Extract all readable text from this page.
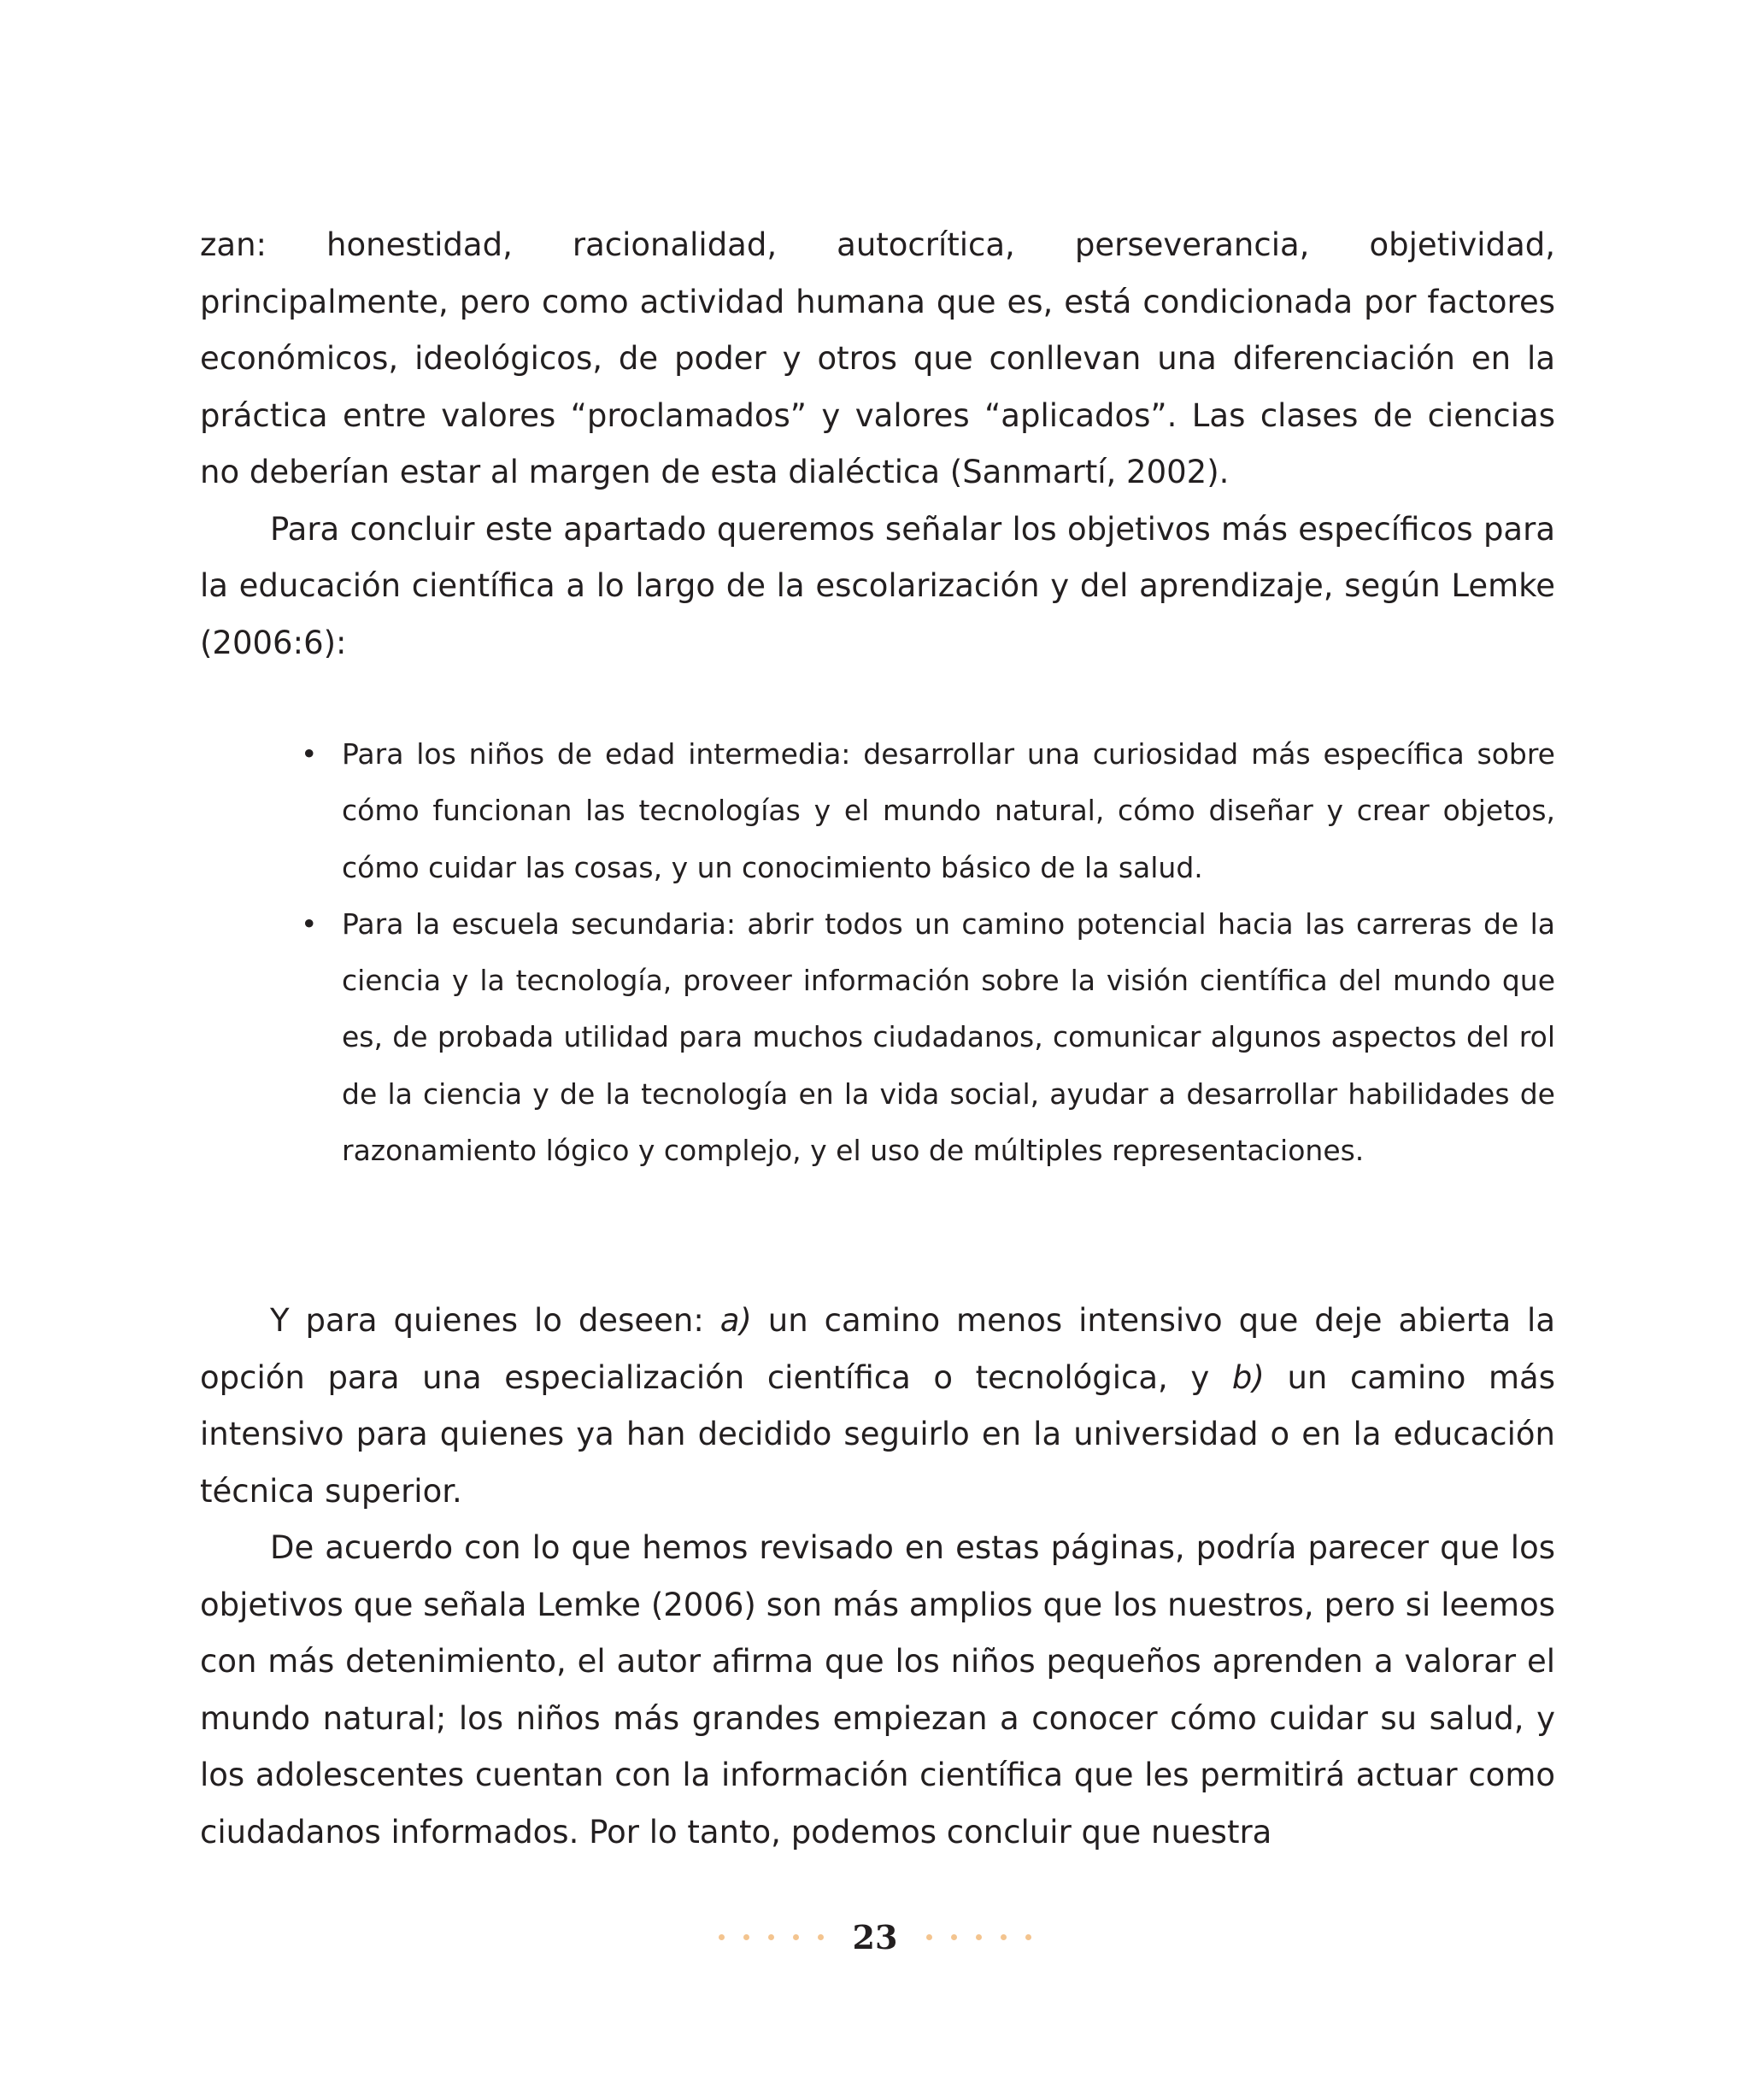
zan: honestidad, racionalidad, autocrítica, perseverancia, objetividad, principalmente, pero como actividad humana que es, está condicionada por factores económicos, ideológicos, de poder y otros que conllevan una diferenciación en la práctica entre valores “proclamados” y valores “aplicados”. Las clases de ciencias no deberían estar al margen de esta dialéctica (Sanmartí, 2002).

Para concluir este apartado queremos señalar los objetivos más específicos para la educación científica a lo largo de la escolarización y del aprendizaje, según Lemke (2006:6):

• Para los niños de edad intermedia: desarrollar una curiosidad más específica sobre cómo funcionan las tecnologías y el mundo natural, cómo diseñar y crear objetos, cómo cuidar las cosas, y un conocimiento básico de la salud.
• Para la escuela secundaria: abrir todos un camino potencial hacia las carreras de la ciencia y la tecnología, proveer información sobre la visión científica del mundo que es, de probada utilidad para muchos ciudadanos, comunicar algunos aspectos del rol de la ciencia y de la tecnología en la vida social, ayudar a desarrollar habilidades de razonamiento lógico y complejo, y el uso de múltiples representaciones.

Y para quienes lo deseen: a) un camino menos intensivo que deje abierta la opción para una especialización científica o tecnológica, y b) un camino más intensivo para quienes ya han decidido seguirlo en la universidad o en la educación técnica superior.

De acuerdo con lo que hemos revisado en estas páginas, podría parecer que los objetivos que señala Lemke (2006) son más amplios que los nuestros, pero si leemos con más detenimiento, el autor afirma que los niños pequeños aprenden a valorar el mundo natural; los niños más grandes empiezan a conocer cómo cuidar su salud, y los adolescentes cuentan con la información científica que les permitirá actuar como ciudadanos informados. Por lo tanto, podemos concluir que nuestra

23
